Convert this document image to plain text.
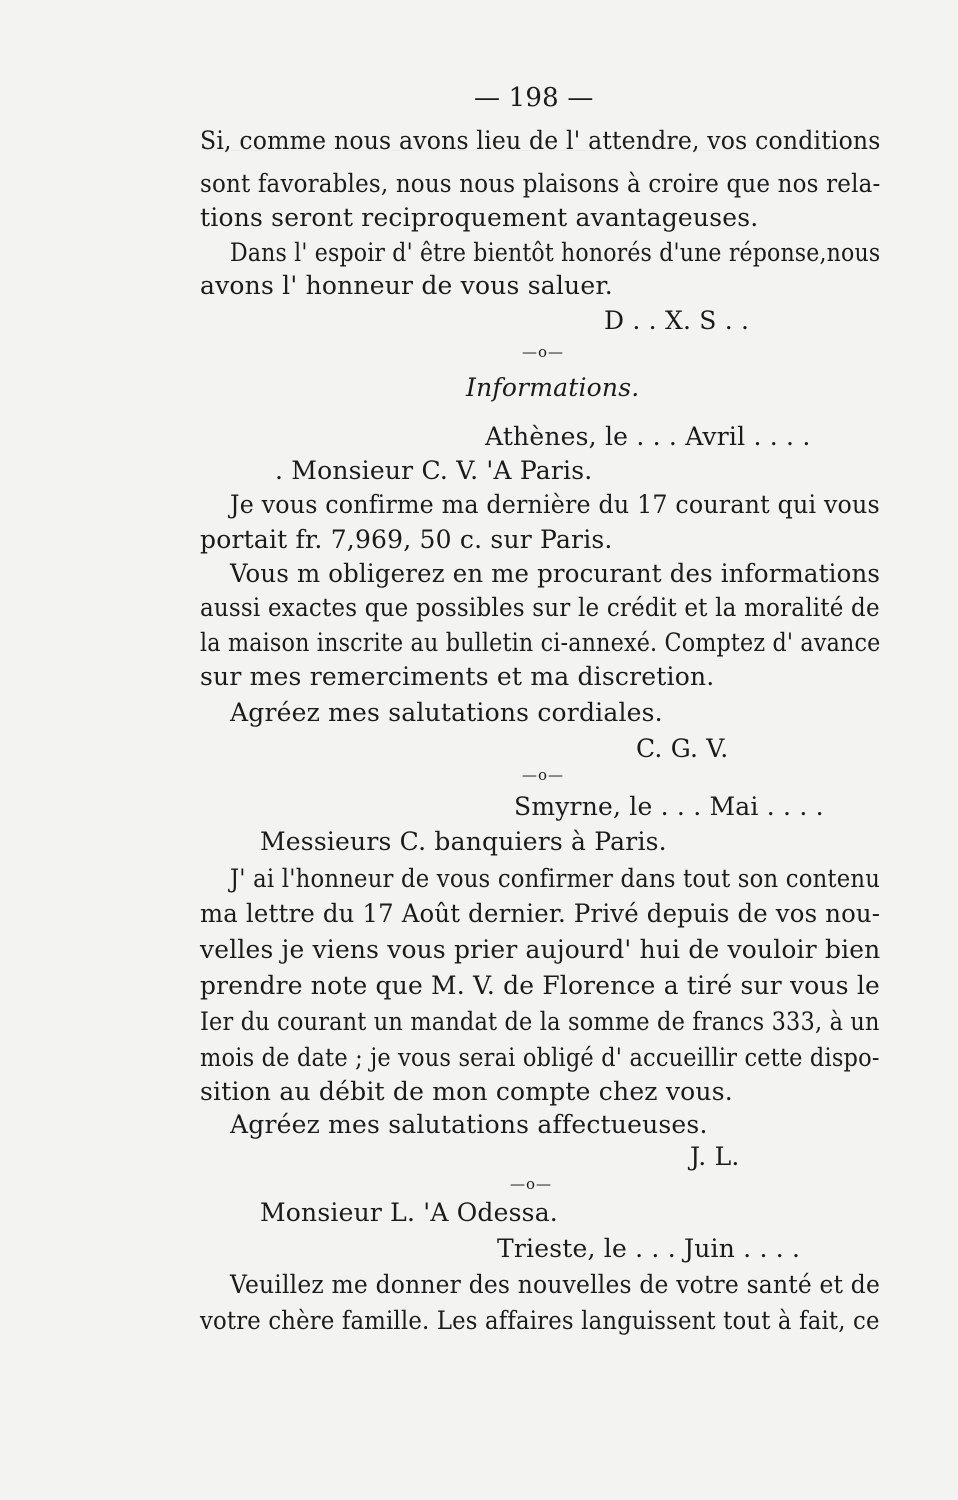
— 198 —
Si, comme nous avons lieu de l' attendre, vos conditions
sont favorables, nous nous plaisons à croire que nos rela-
tions seront reciproquement avantageuses.
Dans l' espoir d' être bientôt honorés d'une réponse,nous
avons l' honneur de vous saluer.
D . . X. S . .
—o—
Informations.
Athènes, le . . . Avril . . . .
. Monsieur C. V. 'A Paris.
Je vous confirme ma dernière du 17 courant qui vous
portait fr. 7,969, 50 c. sur Paris.
Vous m obligerez en me procurant des informations
aussi exactes que possibles sur le crédit et la moralité de
la maison inscrite au bulletin ci-annexé. Comptez d' avance
sur mes remerciments et ma discretion.
Agréez mes salutations cordiales.
C. G. V.
—o—
Smyrne, le . . . Mai . . . .
Messieurs C. banquiers à Paris.
J' ai l'honneur de vous confirmer dans tout son contenu
ma lettre du 17 Août dernier. Privé depuis de vos nou-
velles je viens vous prier aujourd' hui de vouloir bien
prendre note que M. V. de Florence a tiré sur vous le
Ier du courant un mandat de la somme de francs 333, à un
mois de date ; je vous serai obligé d' accueillir cette dispo-
sition au débit de mon compte chez vous.
Agréez mes salutations affectueuses.
J. L.
—o—
Monsieur L. 'A Odessa.
Trieste, le . . . Juin . . . .
Veuillez me donner des nouvelles de votre santé et de
votre chère famille. Les affaires languissent tout à fait, ce
